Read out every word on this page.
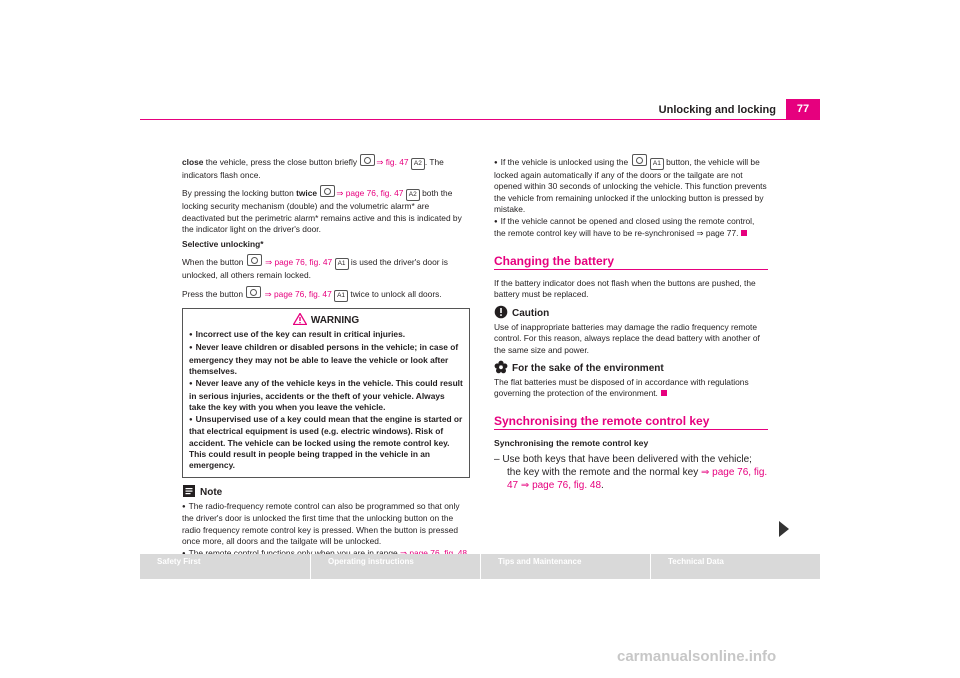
Unlocking and locking	77

close the vehicle, press the close button briefly ⇒ fig. 47 A2 . The indicators flash once.

By pressing the locking button twice ⇒ page 76, fig. 47 A2 both the locking security mechanism (double) and the volumetric alarm* are deactivated but the perimetric alarm* remains active and this is indicated by the indicator light on the driver's door.

Selective unlocking*

When the button  ⇒ page 76, fig. 47 A1 is used the driver's door is unlocked, all others remain locked.

Press the button  ⇒ page 76, fig. 47 A1 twice to unlock all doors.

WARNING
● Incorrect use of the key can result in critical injuries.
● Never leave children or disabled persons in the vehicle; in case of emergency they may not be able to leave the vehicle or look after themselves.
● Never leave any of the vehicle keys in the vehicle. This could result in serious injuries, accidents or the theft of your vehicle. Always take the key with you when you leave the vehicle.
● Unsupervised use of a key could mean that the engine is started or that electrical equipment is used (e.g. electric windows). Risk of accident. The vehicle can be locked using the remote control key. This could result in people being trapped in the vehicle in an emergency.
Note
● The radio-frequency remote control can also be programmed so that only the driver's door is unlocked the first time that the unlocking button on the radio frequency remote control key is pressed. When the button is pressed once more, all doors and the tailgate will be unlocked.
●
● If the vehicle is unlocked using the	A1 button, the vehicle will be locked again automatically if any of the doors or the tailgate are not opened within 30 seconds of unlocking the vehicle. This function prevents the vehicle from remaining unlocked if the unlocking button is pressed by mistake.
● If the vehicle cannot be opened and closed using the remote control, the remote control key will have to be re-synchronised ⇒ page 77.
Changing the battery

If the battery indicator does not flash when the buttons are pushed, the battery must be replaced.

Caution

Use of inappropriate batteries may damage the radio frequency remote control. For this reason, always replace the dead battery with another of the same size and power.

For the sake of the environment

The flat batteries must be disposed of in accordance with regulations governing the protection of the environment.

Synchronising the remote control key

Synchronising the remote control key

– Use both keys that have been delivered with the vehicle; the key with the remote and the normal key ⇒ page 76, fig. 47 ⇒ page 76, fig. 48.

Safety First	Operating instructions	Tips and Maintenance	Technical Data
carmanualsonline.info
